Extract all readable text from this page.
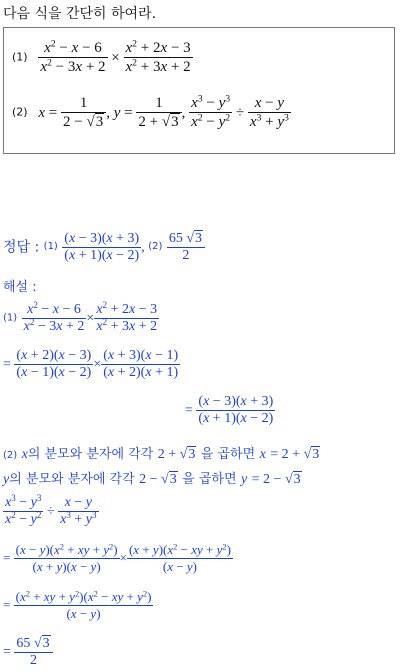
다음 식을 간단히 하여라.
$(1) \frac{x^2 - x - 6}{x^2 - 3x + 2} \times \frac{x^2 + 2x - 3}{x^2 + 3x + 2}$
(2) $x = \frac{1}{2 - √3}$ , $y = \frac{1}{2 + √3}$ , $\frac{x^3 - y^3}{x^2 - y^2} \div \frac{x - y}{x^3 + y^3}$
정답 : $(1) \frac{(x - 3)(x + 3)}{(x + 1)(x - 2)}$ , $(2) \frac{65 √3}{2}$
해설 :
$(1) \frac{x^2 - x - 6}{x^2 - 3x + 2} \times \frac{x^2 + 2x - 3}{x^2 + 3x + 2}$
= $\frac{(x + 2)(x - 3)}{(x - 1)(x - 2)} \times \frac{(x + 3)(x - 1)}{(x + 2)(x + 1)}$
= $\frac{(x - 3)(x + 3)}{(x + 1)(x - 2)}$
(2) x의 분모와 분자에 각각 2 + √3 을 곱하면 x = 2 + √3
y의 분모와 분자에 각각 2 − √3 을 곱하면 y = 2 − √3
$\frac{x^3 - y^3}{x^2 - y^2} \div \frac{x - y}{x^3 + y^3}$
= $\frac{(x - y)(x^2 + xy + y^2)}{(x + y)(x - y)} \times \frac{(x + y)(x^2 - xy + y^2)}{(x - y)}$
= $\frac{(x^2 + xy + y^2)(x^2 - xy + y^2)}{(x - y)}$
= $\frac{65 √3}{2}$
